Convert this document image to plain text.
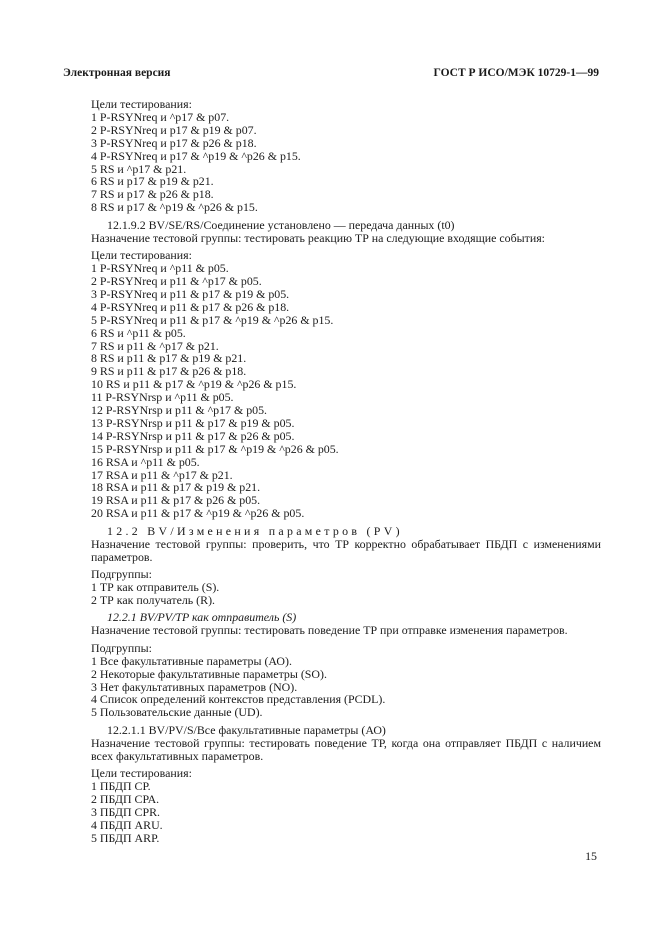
Электронная версия	ГОСТ Р ИСО/МЭК 10729-1—99
Цели тестирования:
1 P-RSYNreq и ^p17 & p07.
2 P-RSYNreq и p17 & p19 & p07.
3 P-RSYNreq и p17 & p26 & p18.
4 P-RSYNreq и p17 & ^p19 & ^p26 & p15.
5 RS и ^p17 & p21.
6 RS и p17 & p19 & p21.
7 RS и p17 & p26 & p18.
8 RS и p17 & ^p19 & ^p26 & p15.
12.1.9.2 BV/SE/RS/Соединение установлено — передача данных (t0)
Назначение тестовой группы: тестировать реакцию ТР на следующие входящие события:
Цели тестирования:
1 P-RSYNreq и ^p11 & p05.
2 P-RSYNreq и p11 & ^p17 & p05.
3 P-RSYNreq и p11 & p17 & p19 & p05.
4 P-RSYNreq и p11 & p17 & p26 & p18.
5 P-RSYNreq и p11 & p17 & ^p19 & ^p26 & p15.
6 RS и ^p11 & p05.
7 RS и p11 & ^p17 & p21.
8 RS и p11 & p17 & p19 & p21.
9 RS и p11 & p17 & p26 & p18.
10 RS и p11 & p17 & ^p19 & ^p26 & p15.
11 P-RSYNrsp и ^p11 & p05.
12 P-RSYNrsp и p11 & ^p17 & p05.
13 P-RSYNrsp и p11 & p17 & p19 & p05.
14 P-RSYNrsp и p11 & p17 & p26 & p05.
15 P-RSYNrsp и p11 & p17 & ^p19 & ^p26 & p05.
16 RSA и ^p11 & p05.
17 RSA и p11 & ^p17 & p21.
18 RSA и p11 & p17 & p19 & p21.
19 RSA и p11 & p17 & p26 & p05.
20 RSA и p11 & p17 & ^p19 & ^p26 & p05.
12.2 BV/Изменения параметров (PV)
Назначение тестовой группы: проверить, что ТР корректно обрабатывает ПБДП с изменениями параметров.
Подгруппы:
1 ТР как отправитель (S).
2 ТР как получатель (R).
12.2.1 BV/PV/TP как отправитель (S)
Назначение тестовой группы: тестировать поведение ТР при отправке изменения параметров.
Подгруппы:
1 Все факультативные параметры (АО).
2 Некоторые факультативные параметры (SO).
3 Нет факультативных параметров (NO).
4 Список определений контекстов представления (PCDL).
5 Пользовательские данные (UD).
12.2.1.1 BV/PV/S/Все факультативные параметры (АО)
Назначение тестовой группы: тестировать поведение ТР, когда она отправляет ПБДП с наличием всех факультативных параметров.
Цели тестирования:
1 ПБДП СР.
2 ПБДП СРА.
3 ПБДП CPR.
4 ПБДП ARU.
5 ПБДП ARP.
15
